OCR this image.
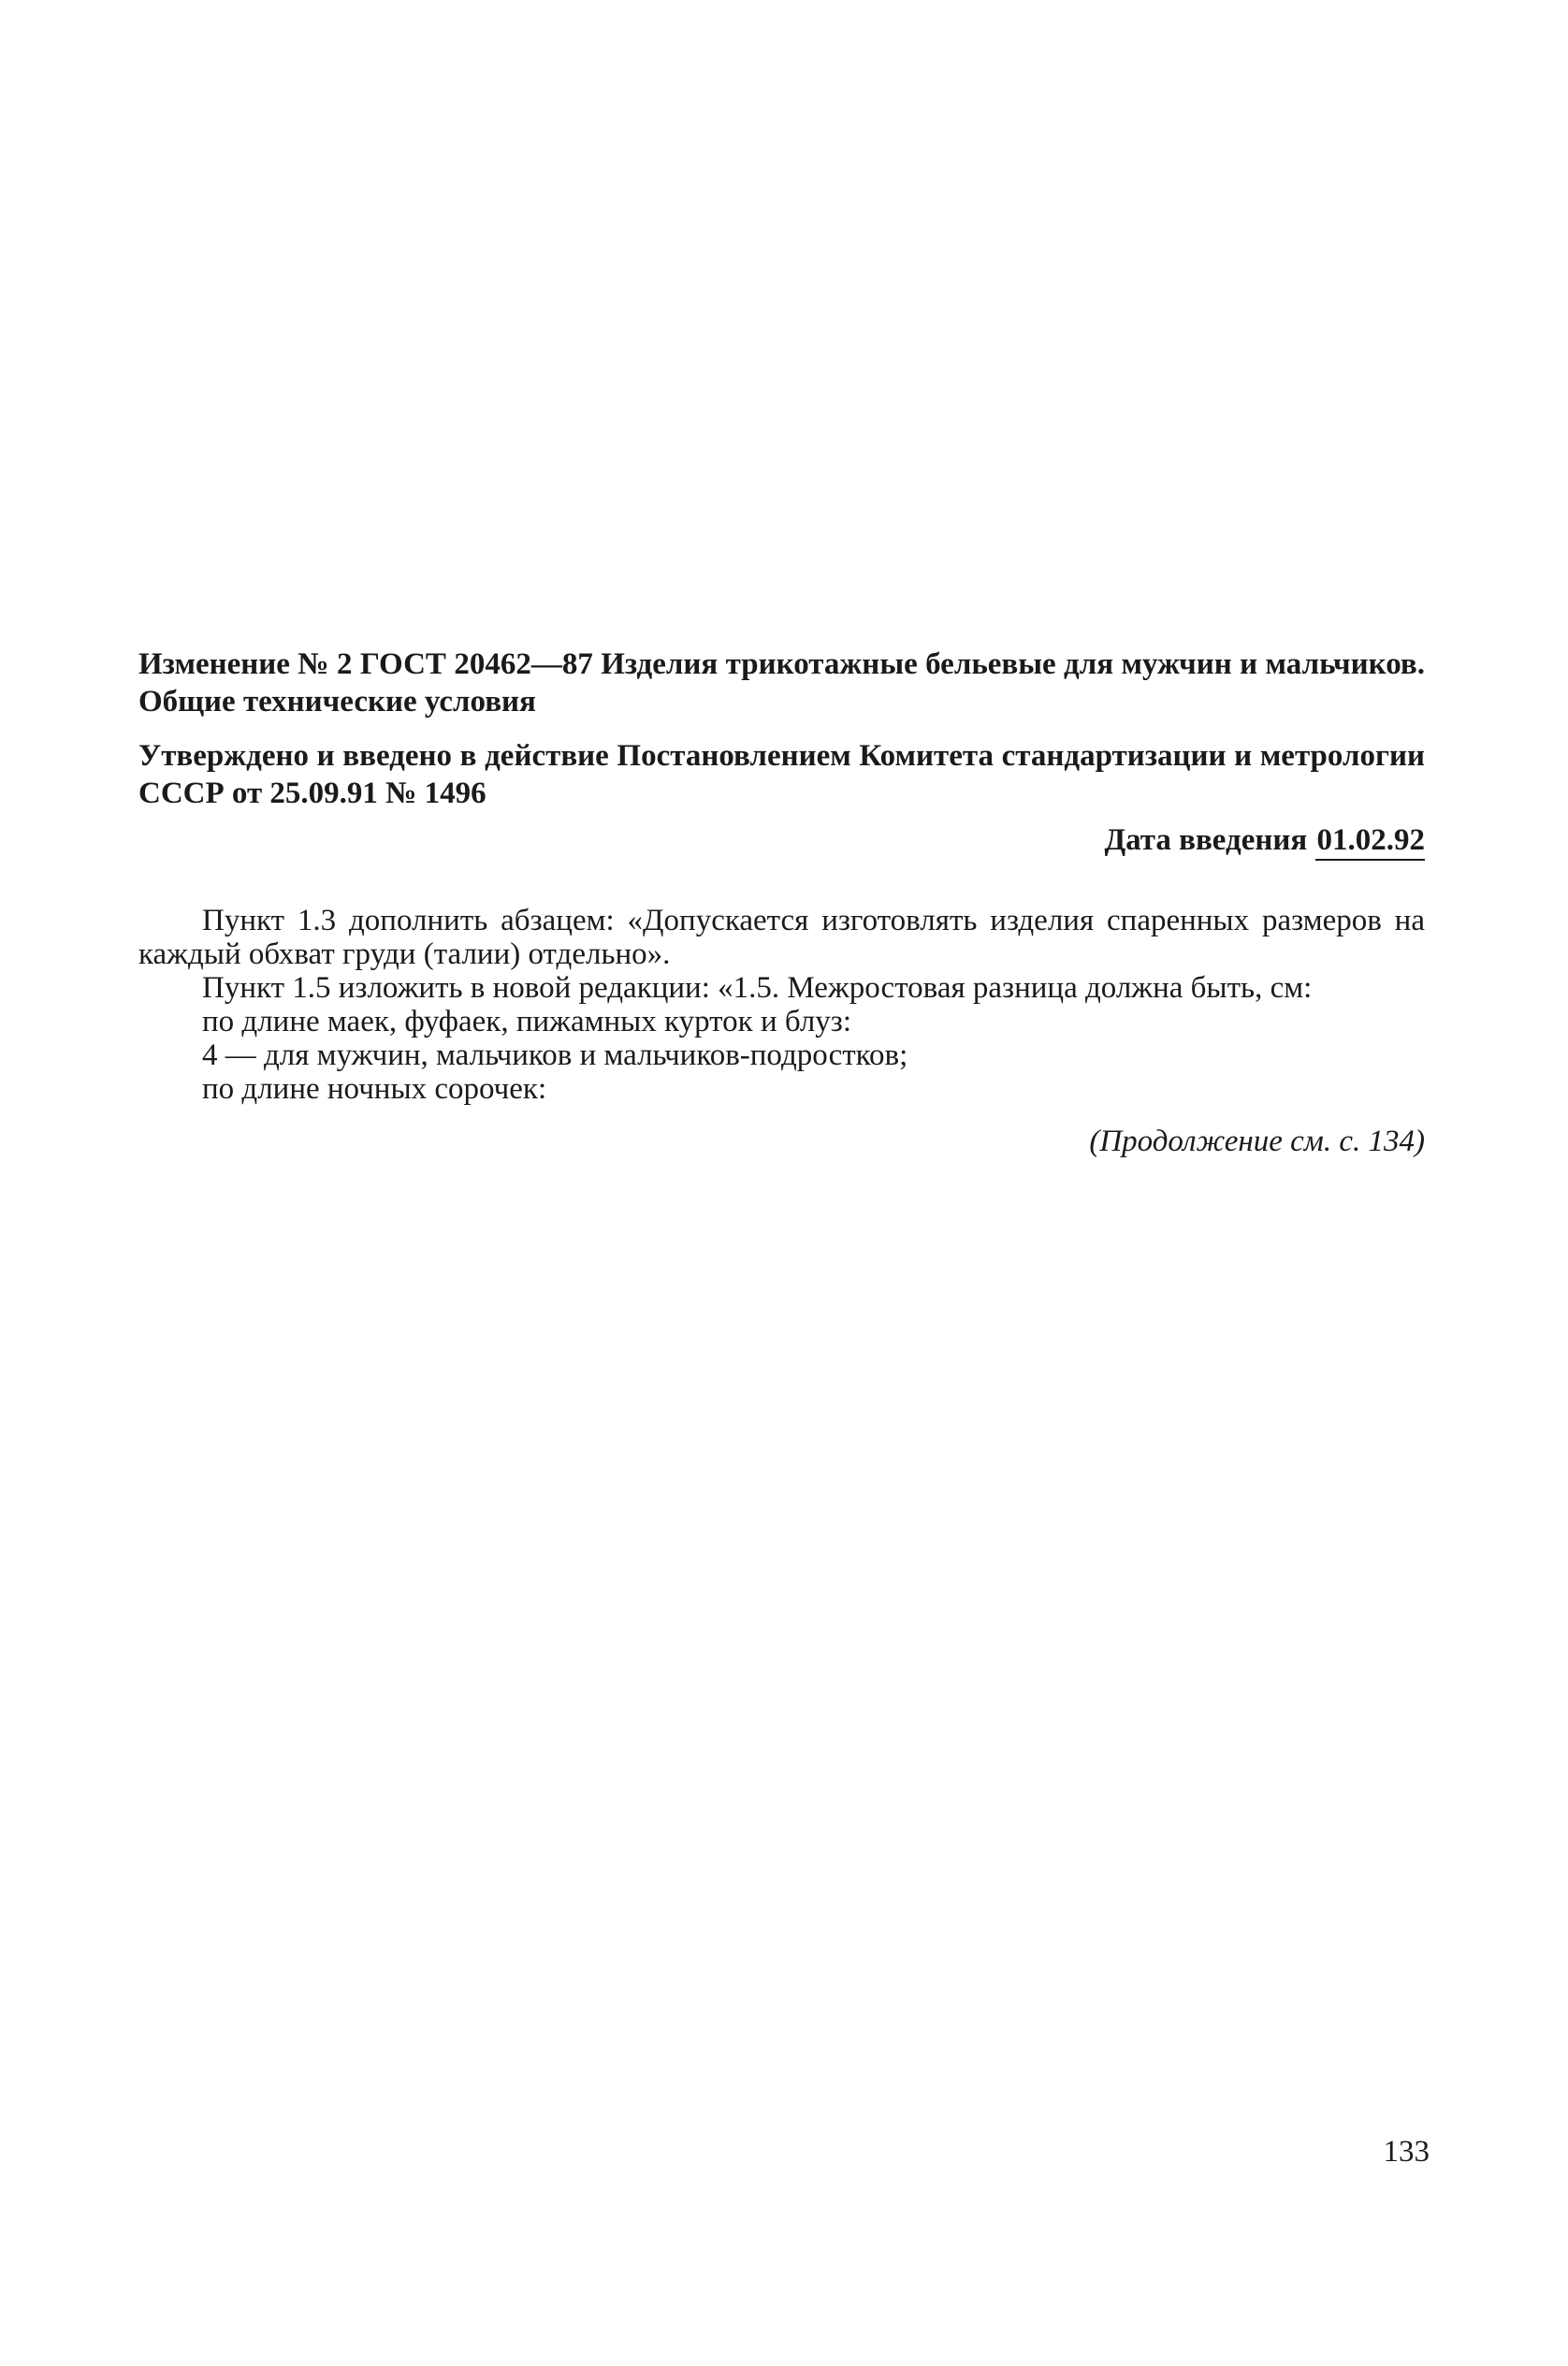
Изменение № 2 ГОСТ 20462—87 Изделия трикотажные бельевые для мужчин и мальчиков. Общие технические условия

Утверждено и введено в действие Постановлением Комитета стандартизации и метрологии СССР от 25.09.91 № 1496

Дата введения 01.02.92

Пункт 1.3 дополнить абзацем: «Допускается изготовлять изделия спаренных размеров на каждый обхват груди (талии) отдельно».

Пункт 1.5 изложить в новой редакции: «1.5. Межростовая разница должна быть, см:

по длине маек, фуфаек, пижамных курток и блуз:

4 — для мужчин, мальчиков и мальчиков-подростков;

по длине ночных сорочек:

(Продолжение см. с. 134)

133
